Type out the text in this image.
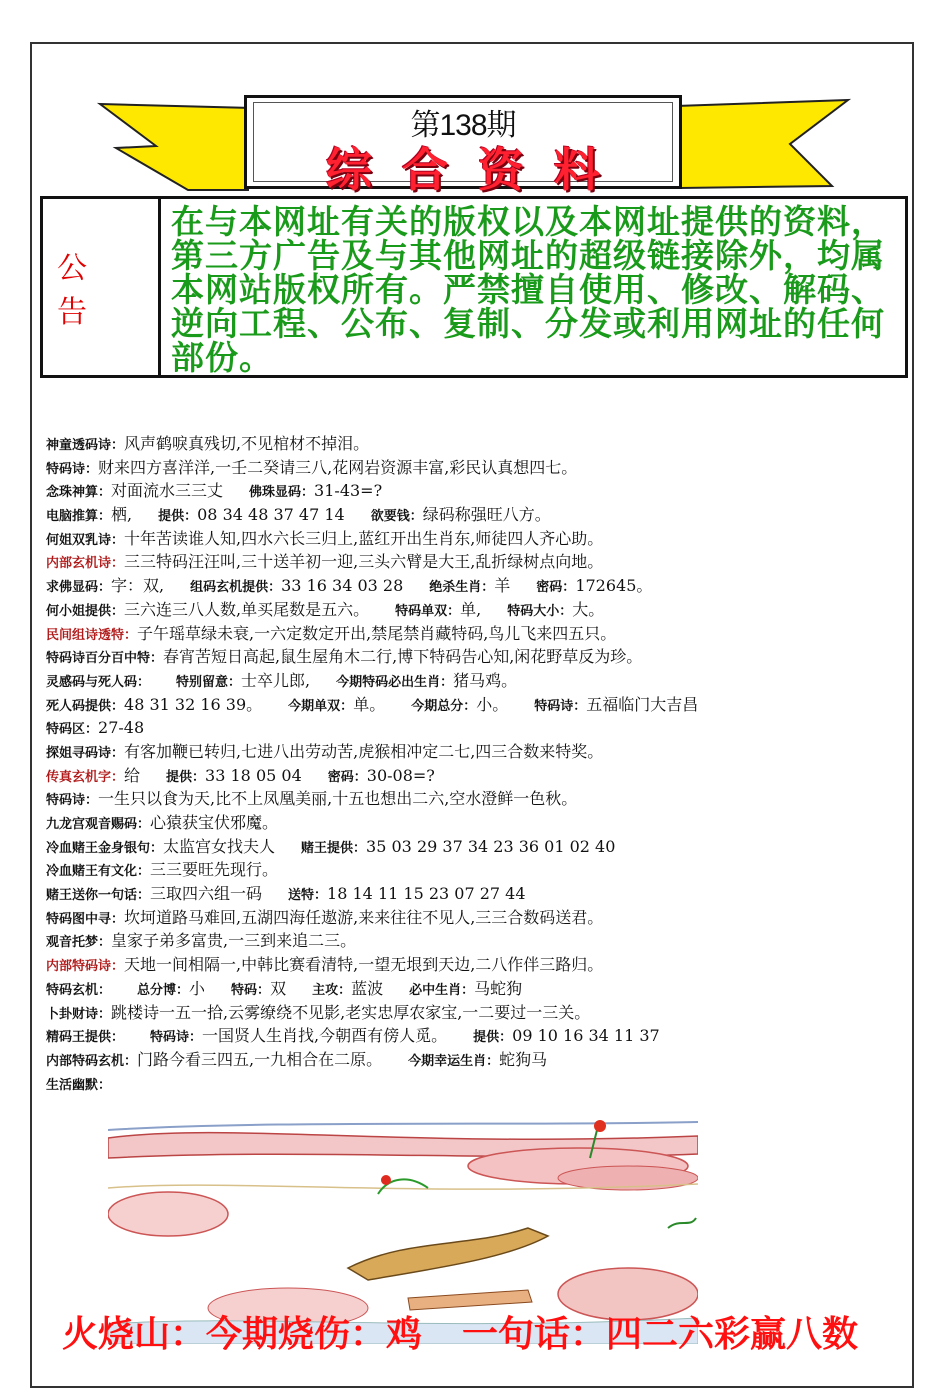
第138期
综合资料
公告
在与本网址有关的版权以及本网址提供的资料，第三方广告及与其他网址的超级链接除外，均属本网站版权所有。严禁擅自使用、修改、解码、逆向工程、公布、复制、分发或利用网址的任何部份。
神童透码诗：风声鹤唳真残切,不见棺材不掉泪。
特码诗：财来四方喜洋洋,一壬二癸请三八,花网岩资源丰富,彩民认真想四七。
念珠神算：对面流水三三丈 佛珠显码：31-43=?
电脑推算：栖, 提供：08 34 48 37 47 14 欲要钱：绿码称强旺八方。
何姐双乳诗：十年苦读谁人知,四水六长三归上,蓝红开出生肖东,师徒四人齐心助。
内部玄机诗：三三特码汪汪叫,三十送羊初一迎,三头六臂是大王,乱折绿树点向地。
求佛显码：字：双, 组码玄机提供：33 16 34 03 28 绝杀生肖：羊 密码：172645。
何小姐提供：三六连三八人数,单买尾数是五六。 特码单双：单, 特码大小：大。
民间组诗透特：子午瑶草绿未衰,一六定数定开出,禁尾禁肖藏特码,鸟儿飞来四五只。
特码诗百分百中特：春宵苦短日高起,鼠生屋角木二行,博下特码告心知,闲花野草反为珍。
灵感码与死人码： 特别留意：士卒儿郎, 今期特码必出生肖：猪马鸡。
死人码提供：48 31 32 16 39。 今期单双：单。 今期总分：小。 特码诗：五福临门大吉昌
特码区：27-48
探姐寻码诗：有客加鞭已转归,七进八出劳动苦,虎猴相冲定二七,四三合数来特奖。
传真玄机字：给 提供：33 18 05 04 密码：30-08=?
特码诗：一生只以食为天,比不上凤凰美丽,十五也想出二六,空水澄鲜一色秋。
九龙宫观音赐码：心猿获宝伏邪魔。
冷血赌王金身银句：太监宫女找夫人 赌王提供：35 03 29 37 34 23 36 01 02 40
冷血赌王有文化：三三要旺先现行。
赌王送你一句话：三取四六组一码 送特：18 14 11 15 23 07 27 44
特码图中寻：坎坷道路马难回,五湖四海任遨游,来来往往不见人,三三合数码送君。
观音托梦：皇家子弟多富贵,一三到来追二三。
内部特码诗：天地一间相隔一,中韩比赛看清特,一望无垠到天边,二八作伴三路归。
特码玄机： 总分博：小 特码：双 主攻：蓝波 必中生肖：马蛇狗
卜卦财诗：跳楼诗一五一拾,云雾缭绕不见影,老实忠厚农家宝,一二要过一三关。
精码王提供： 特码诗：一国贤人生肖找,今朝酉有傍人觅。 提供：09 10 16 34 11 37
内部特码玄机：门路今看三四五,一九相合在二原。 今期幸运生肖：蛇狗马
生活幽默：
火烧山：今期烧伤：鸡 一句话：四二六彩赢八数
